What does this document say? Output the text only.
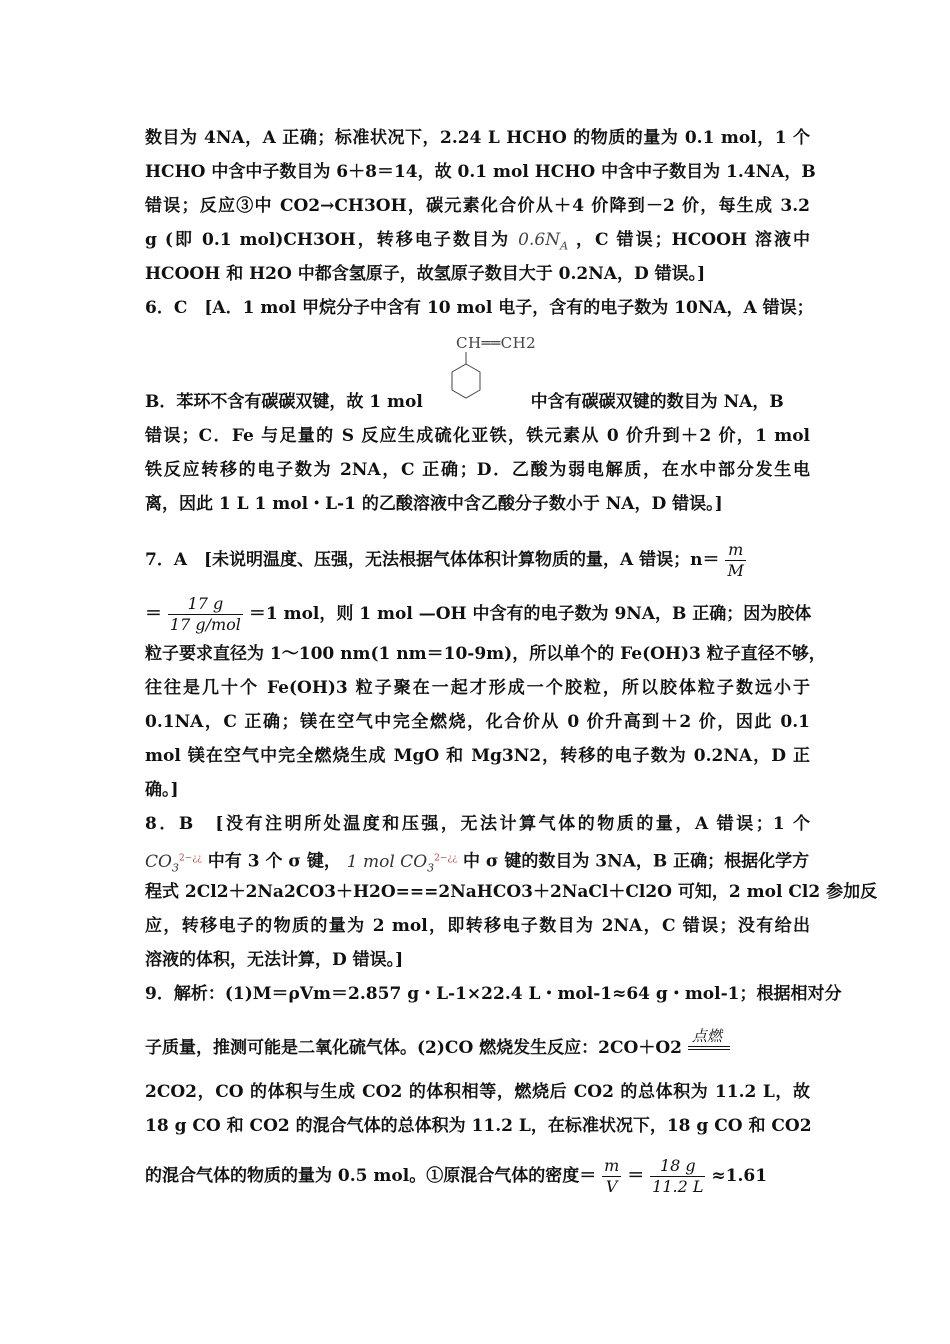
数目为 4NA，A 正确；标准状况下，2.24 L HCHO 的物质的量为 0.1 mol，1 个
HCHO 中含中子数目为 6＋8＝14，故 0.1 mol HCHO 中含中子数目为 1.4NA，B
错误；反应③中 CO2→CH3OH，碳元素化合价从＋4 价降到－2 价，每生成 3.2
g (即 0.1 mol)CH3OH，转移电子数目为 $0.6N_A$ ，C 错误；HCOOH 溶液中
HCOOH 和 H2O 中都含氢原子，故氢原子数目大于 0.2NA，D 错误。]
6．C　[A．1 mol 甲烷分子中含有 10 mol 电子，含有的电子数为 10NA，A 错误；
CH══CH2
B．苯环不含有碳碳双键，故 1 mol	中含有碳碳双键的数目为 NA，B
错误；C．Fe 与足量的 S 反应生成硫化亚铁，铁元素从 0 价升到＋2 价，1 mol
铁反应转移的电子数为 2NA，C 正确；D．乙酸为弱电解质，在水中部分发生电
离，因此 1 L 1 mol・L-1 的乙酸溶液中含乙酸分子数小于 NA，D 错误。]
7．A　[未说明温度、压强，无法根据气体体积计算物质的量，A 错误；$n= \frac{m}{M}$
＝ $\frac{17 g}{\text{17 g/mol}} =1$ mol，则 1 mol —OH 中含有的电子数为 9NA，B 正确；因为胶体
粒子要求直径为 1～100 nm(1 nm＝10-9m)，所以单个的 Fe(OH)3 粒子直径不够，
往往是几十个 Fe(OH)3 粒子聚在一起才形成一个胶粒，所以胶体粒子数远小于
0.1NA，C 正确；镁在空气中完全燃烧，化合价从 0 价升高到＋2 价，因此 0.1
mol 镁在空气中完全燃烧生成 MgO 和 Mg3N2，转移的电子数为 0.2NA，D 正
确。]
8．B　[没有注明所处温度和压强，无法计算气体的物质的量，A 错误；1 个
$CO_3^{2-¿¿}$ 中有 3 个 σ 键， 1 mol $CO_3^{2-¿¿}$ 中 σ 键的数目为 3NA，B 正确；根据化学方
程式 2Cl2＋2Na2CO3＋H2O===2NaHCO3＋2NaCl＋Cl2O 可知，2 mol Cl2 参加反
应，转移电子的物质的量为 2 mol，即转移电子数目为 2NA，C 错误；没有给出
溶液的体积，无法计算，D 错误。]
9．解析：(1)M＝ρVm＝2.857 g・L-1×22.4 L・mol-1≈64 g・mol-1；根据相对分
子质量，推测可能是二氧化硫气体。(2)CO 燃烧发生反应：2CO＋O2
点燃
2CO2，CO 的体积与生成 CO2 的体积相等，燃烧后 CO2 的总体积为 11.2 L，故
18 g CO 和 CO2 的混合气体的总体积为 11.2 L，在标准状况下，18 g CO 和 CO2
的混合气体的物质的量为 0.5 mol。①原混合气体的密度＝ $\frac{m}{V} = \frac{18 g}{11.2 L} \approx 1.61$
